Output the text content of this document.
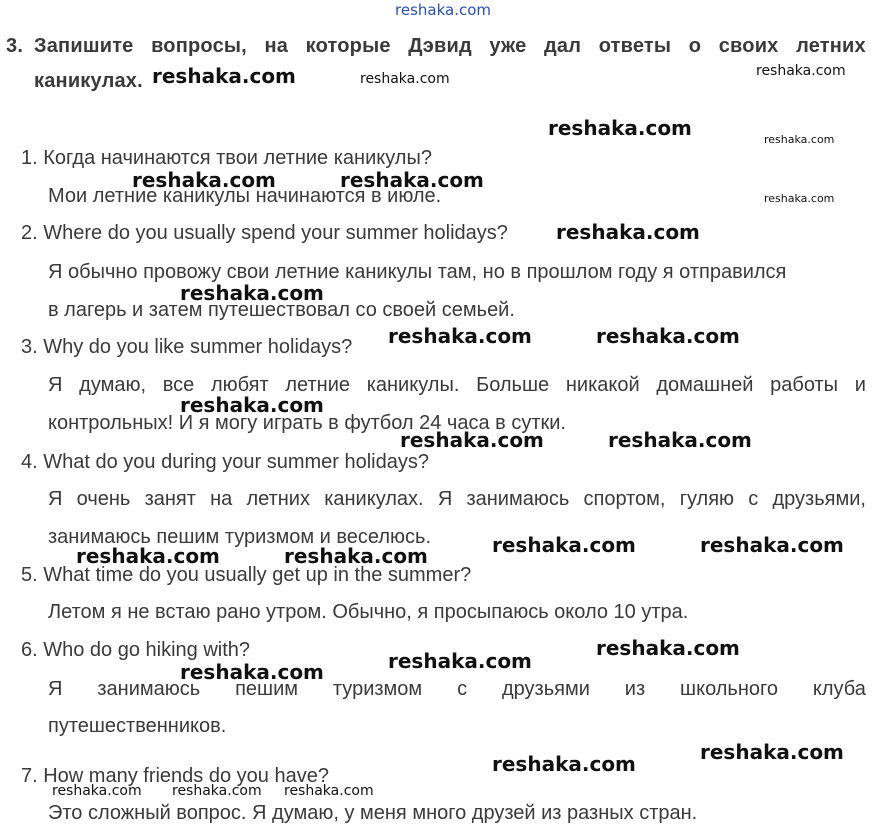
reshaka.com
3. Запишите вопросы, на которые Дэвид уже дал ответы о своих летних
каникулах.
1. Когда начинаются твои летние каникулы?
Мои летние каникулы начинаются в июле.
2. Where do you usually spend your summer holidays?
Я обычно провожу свои летние каникулы там, но в прошлом году я отправился
в лагерь и затем путешествовал со своей семьей.
3. Why do you like summer holidays?
Я думаю, все любят летние каникулы. Больше никакой домашней работы и
контрольных! И я могу играть в футбол 24 часа в сутки.
4. What do you during your summer holidays?
Я очень занят на летних каникулах. Я занимаюсь спортом, гуляю с друзьями,
занимаюсь пешим туризмом и веселюсь.
5. What time do you usually get up in the summer?
Летом я не встаю рано утром. Обычно, я просыпаюсь около 10 утра.
6. Who do go hiking with?
Я занимаюсь пешим туризмом с друзьями из школьного клуба
путешественников.
7. How many friends do you have?
Это сложный вопрос. Я думаю, у меня много друзей из разных стран.
reshaka.com	reshaka.com	reshaka.com
reshaka.com	reshaka.com
reshaka.com	reshaka.com
reshaka.com
reshaka.com
reshaka.com
reshaka.com	reshaka.com
reshaka.com
reshaka.com	reshaka.com
reshaka.com	reshaka.com
reshaka.com	reshaka.com
reshaka.com
reshaka.com
reshaka.com
reshaka.com
reshaka.com
reshaka.com reshaka.com reshaka.com
